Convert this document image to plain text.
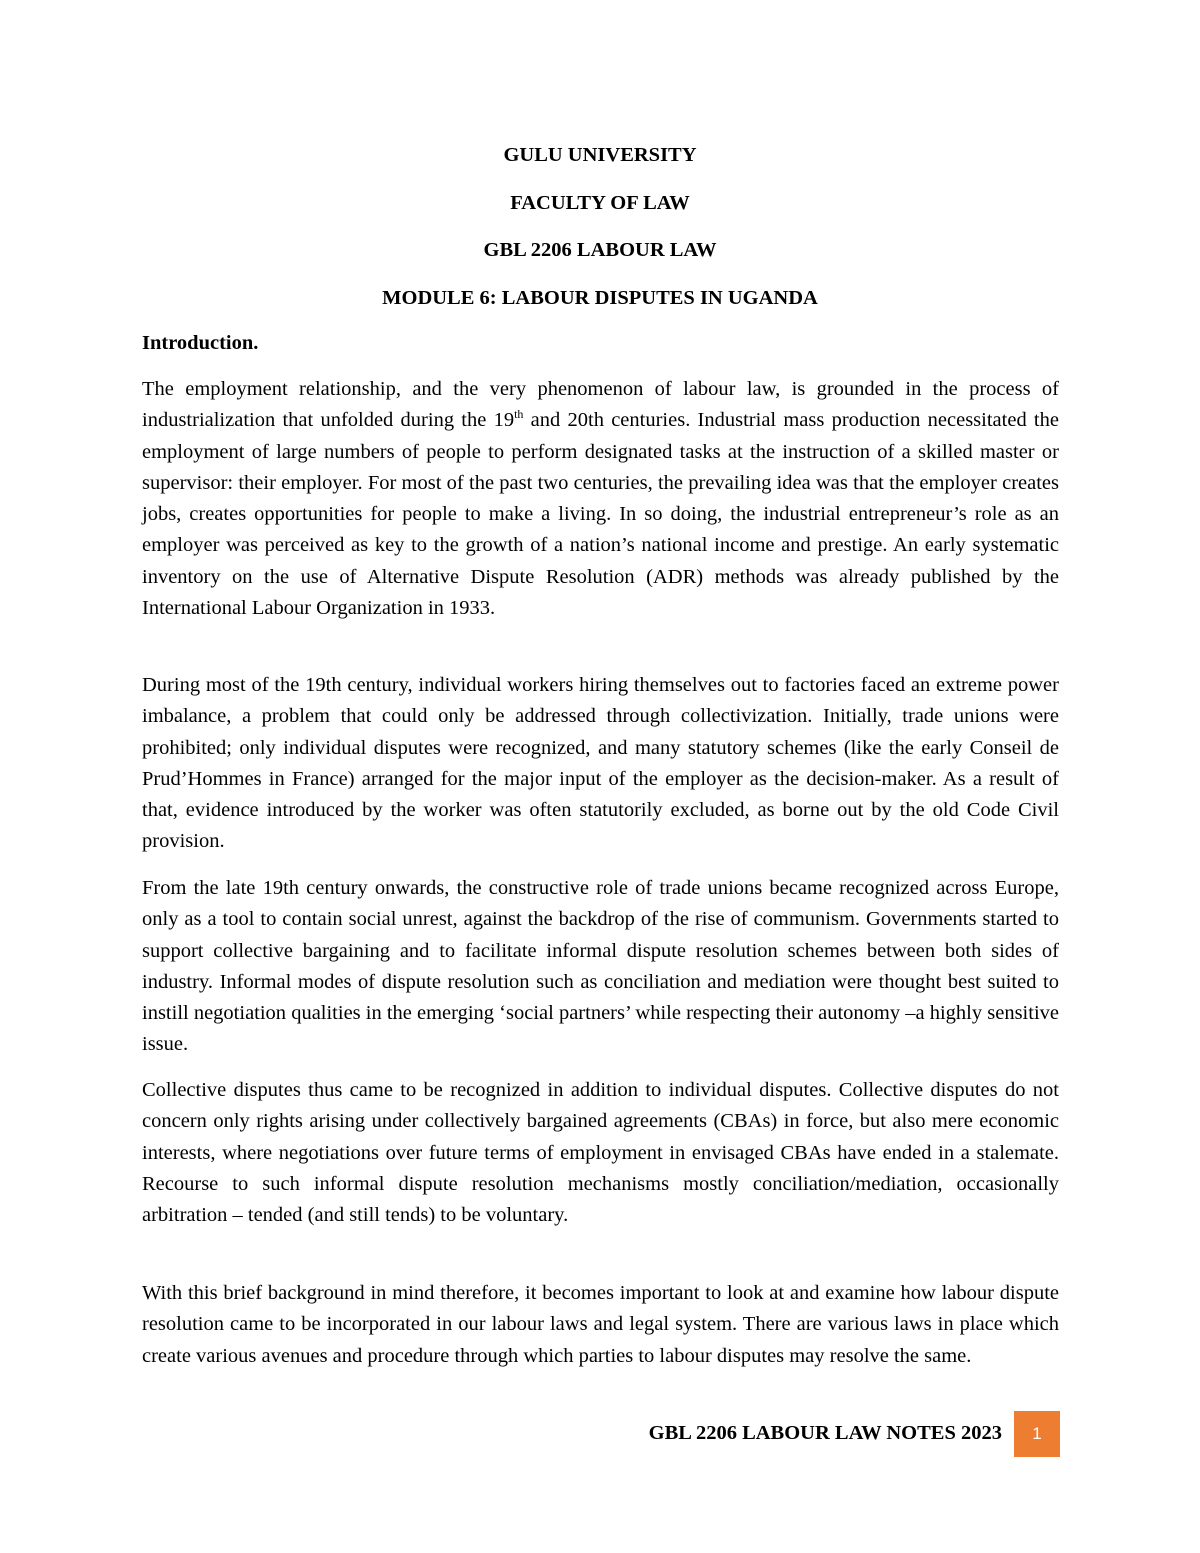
GULU UNIVERSITY
FACULTY OF LAW
GBL 2206 LABOUR LAW
MODULE 6: LABOUR DISPUTES IN UGANDA
Introduction.

The employment relationship, and the very phenomenon of labour law, is grounded in the process of industrialization that unfolded during the 19th and 20th centuries. Industrial mass production necessitated the employment of large numbers of people to perform designated tasks at the instruction of a skilled master or supervisor: their employer. For most of the past two centuries, the prevailing idea was that the employer creates jobs, creates opportunities for people to make a living. In so doing, the industrial entrepreneur’s role as an employer was perceived as key to the growth of a nation’s national income and prestige. An early systematic inventory on the use of Alternative Dispute Resolution (ADR) methods was already published by the International Labour Organization in 1933.

During most of the 19th century, individual workers hiring themselves out to factories faced an extreme power imbalance, a problem that could only be addressed through collectivization. Initially, trade unions were prohibited; only individual disputes were recognized, and many statutory schemes (like the early Conseil de Prud’Hommes in France) arranged for the major input of the employer as the decision-maker. As a result of that, evidence introduced by the worker was often statutorily excluded, as borne out by the old Code Civil provision.

From the late 19th century onwards, the constructive role of trade unions became recognized across Europe, only as a tool to contain social unrest, against the backdrop of the rise of communism. Governments started to support collective bargaining and to facilitate informal dispute resolution schemes between both sides of industry. Informal modes of dispute resolution such as conciliation and mediation were thought best suited to instill negotiation qualities in the emerging ‘social partners’ while respecting their autonomy –a highly sensitive issue.

Collective disputes thus came to be recognized in addition to individual disputes. Collective disputes do not concern only rights arising under collectively bargained agreements (CBAs) in force, but also mere economic interests, where negotiations over future terms of employment in envisaged CBAs have ended in a stalemate. Recourse to such informal dispute resolution mechanisms mostly conciliation/mediation, occasionally arbitration – tended (and still tends) to be voluntary.

With this brief background in mind therefore, it becomes important to look at and examine how labour dispute resolution came to be incorporated in our labour laws and legal system. There are various laws in place which create various avenues and procedure through which parties to labour disputes may resolve the same.

GBL 2206 LABOUR LAW NOTES 2023	1
